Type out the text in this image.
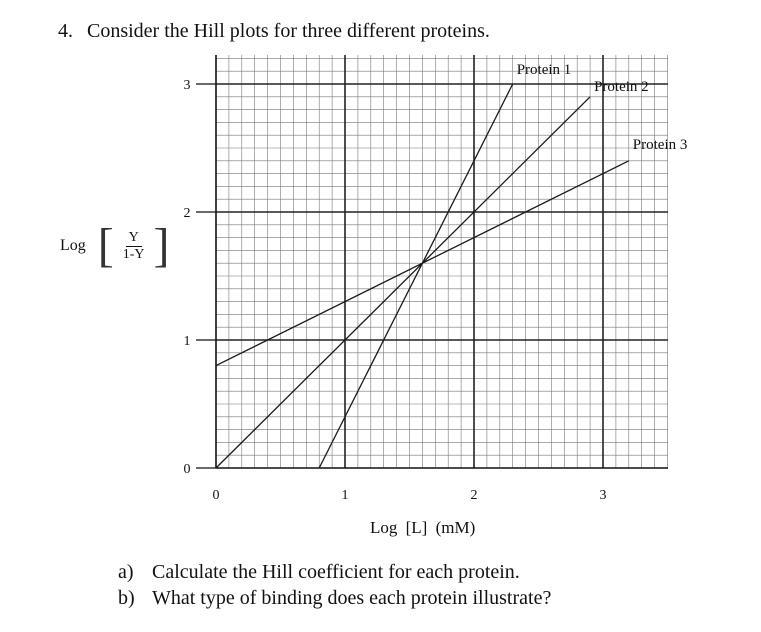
4. Consider the Hill plots for three different proteins.

0
1
2
3
0	1	2	3
Protein 1
Protein 2
Protein 3
Log [ $\frac{Y}{1-Y}$ ]
Log [L] (mM)
a) Calculate the Hill coefficient for each protein.
b) What type of binding does each protein illustrate?
